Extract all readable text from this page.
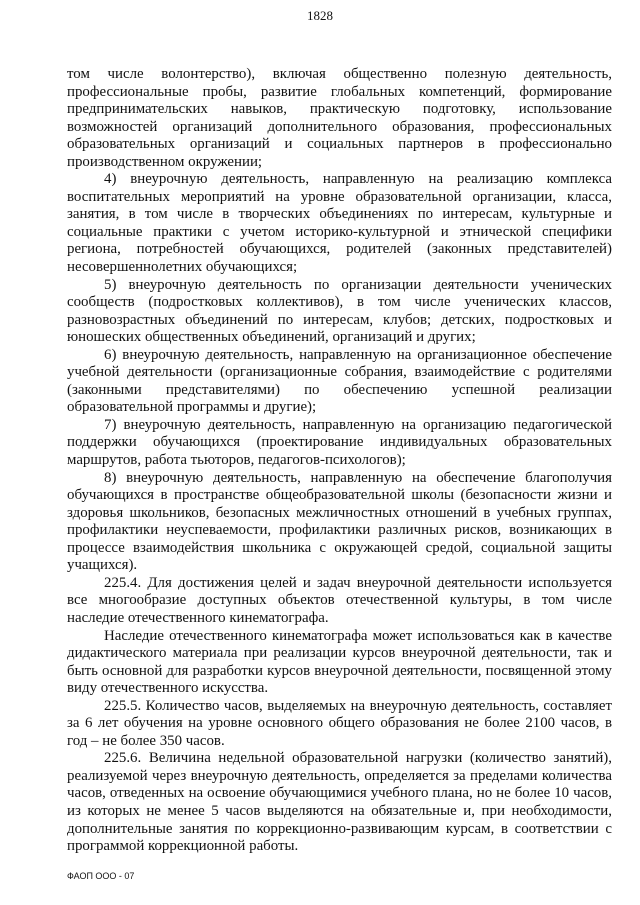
1828

том числе волонтерство), включая общественно полезную деятельность, профессиональные пробы, развитие глобальных компетенций, формирование предпринимательских навыков, практическую подготовку, использование возможностей организаций дополнительного образования, профессиональных образовательных организаций и социальных партнеров в профессионально производственном окружении;

4) внеурочную деятельность, направленную на реализацию комплекса воспитательных мероприятий на уровне образовательной организации, класса, занятия, в том числе в творческих объединениях по интересам, культурные и социальные практики с учетом историко-культурной и этнической специфики региона, потребностей обучающихся, родителей (законных представителей) несовершеннолетних обучающихся;

5) внеурочную деятельность по организации деятельности ученических сообществ (подростковых коллективов), в том числе ученических классов, разновозрастных объединений по интересам, клубов; детских, подростковых и юношеских общественных объединений, организаций и других;

6) внеурочную деятельность, направленную на организационное обеспечение учебной деятельности (организационные собрания, взаимодействие с родителями (законными представителями) по обеспечению успешной реализации образовательной программы и другие);

7) внеурочную деятельность, направленную на организацию педагогической поддержки обучающихся (проектирование индивидуальных образовательных маршрутов, работа тьюторов, педагогов-психологов);

8) внеурочную деятельность, направленную на обеспечение благополучия обучающихся в пространстве общеобразовательной школы (безопасности жизни и здоровья школьников, безопасных межличностных отношений в учебных группах, профилактики неуспеваемости, профилактики различных рисков, возникающих в процессе взаимодействия школьника с окружающей средой, социальной защиты учащихся).

225.4. Для достижения целей и задач внеурочной деятельности используется все многообразие доступных объектов отечественной культуры, в том числе наследие отечественного кинематографа.

Наследие отечественного кинематографа может использоваться как в качестве дидактического материала при реализации курсов внеурочной деятельности, так и быть основной для разработки курсов внеурочной деятельности, посвященной этому виду отечественного искусства.

225.5. Количество часов, выделяемых на внеурочную деятельность, составляет за 6 лет обучения на уровне основного общего образования не более 2100 часов, в год – не более 350 часов.

225.6. Величина недельной образовательной нагрузки (количество занятий), реализуемой через внеурочную деятельность, определяется за пределами количества часов, отведенных на освоение обучающимися учебного плана, но не более 10 часов, из которых не менее 5 часов выделяются на обязательные и, при необходимости, дополнительные занятия по коррекционно-развивающим курсам, в соответствии с программой коррекционной работы.

ФАОП ООО - 07
